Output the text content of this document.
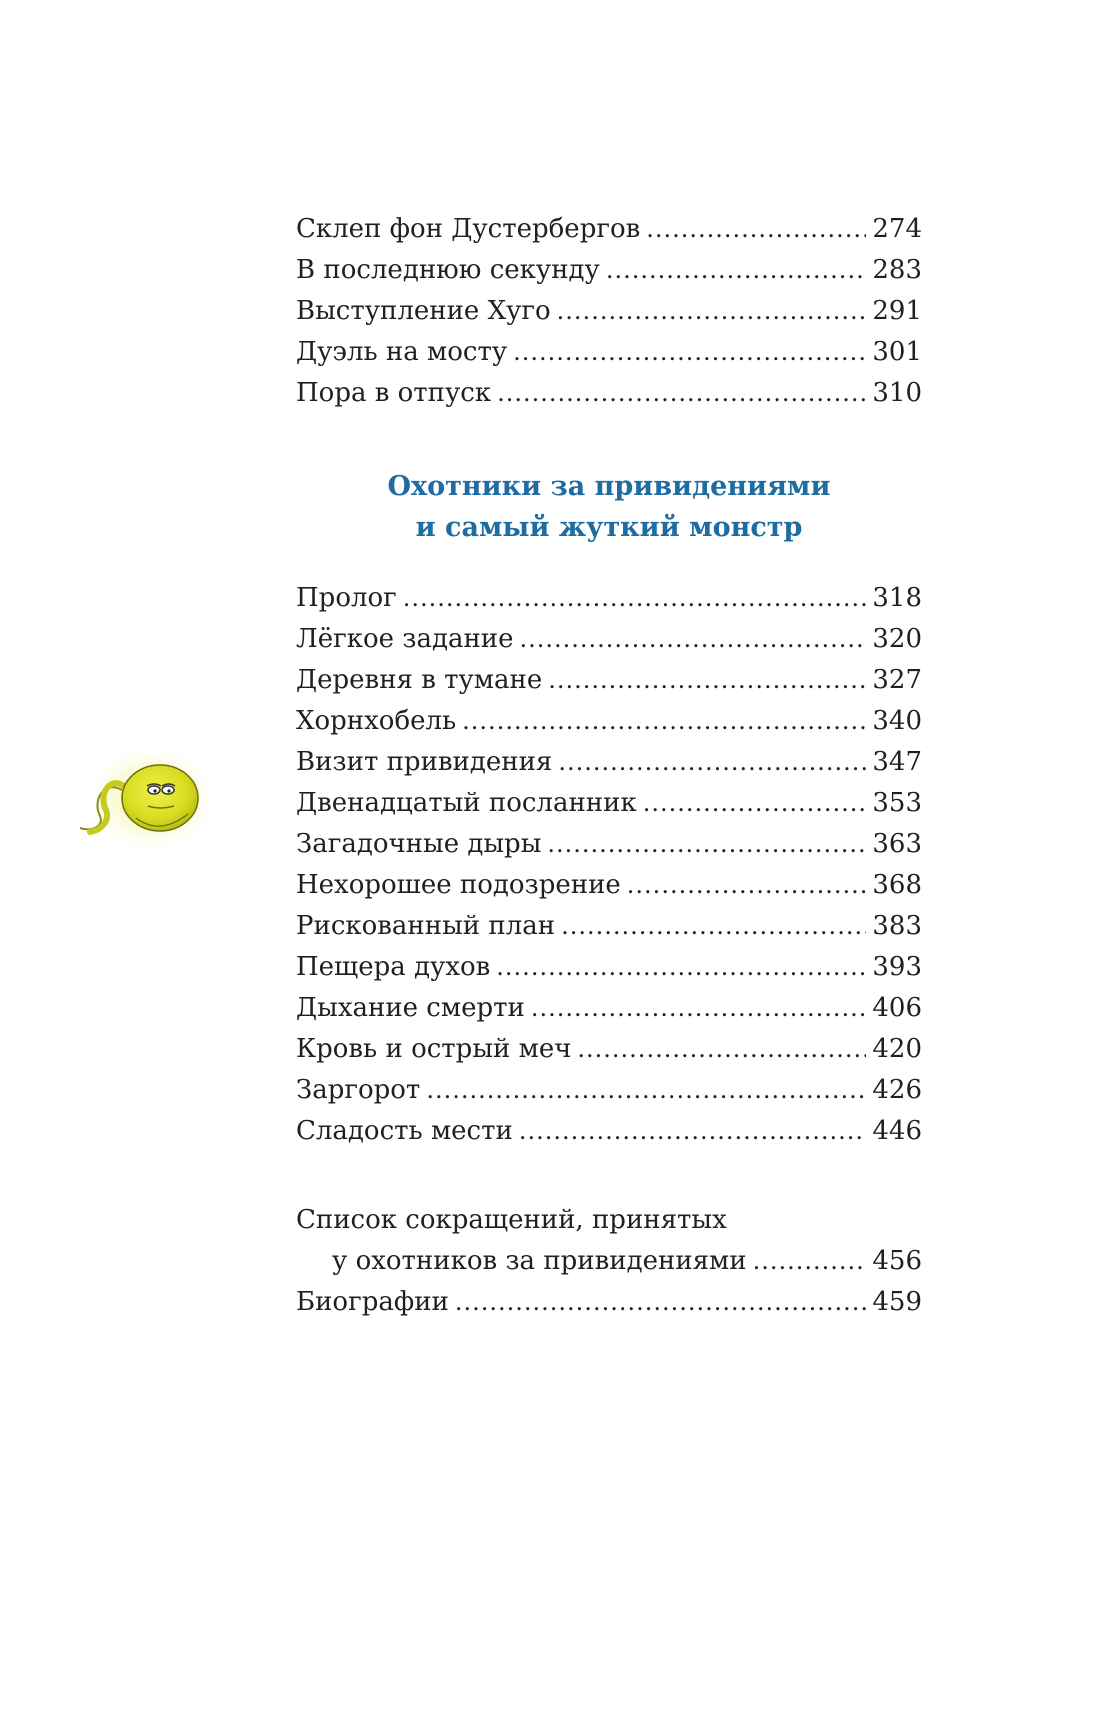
Склеп фон Дустербергов .....	274
В последнюю секунду .....	283
Выступление Хуго .....	291
Дуэль на мосту .....	301
Пора в отпуск .....	310
Охотники за привидениями
и самый жуткий монстр
Пролог .....	318
Лёгкое задание .....	320
Деревня в тумане .....	327
Хорнхобель .....	340
Визит привидения .....	347
Двенадцатый посланник .....	353
Загадочные дыры .....	363
Нехорошее подозрение .....	368
Рискованный план .....	383
Пещера духов .....	393
Дыхание смерти .....	406
Кровь и острый меч .....	420
Заргорот .....	426
Сладость мести .....	446
Список сокращений, принятых
у охотников за привидениями .....	456
Биографии .....	459
